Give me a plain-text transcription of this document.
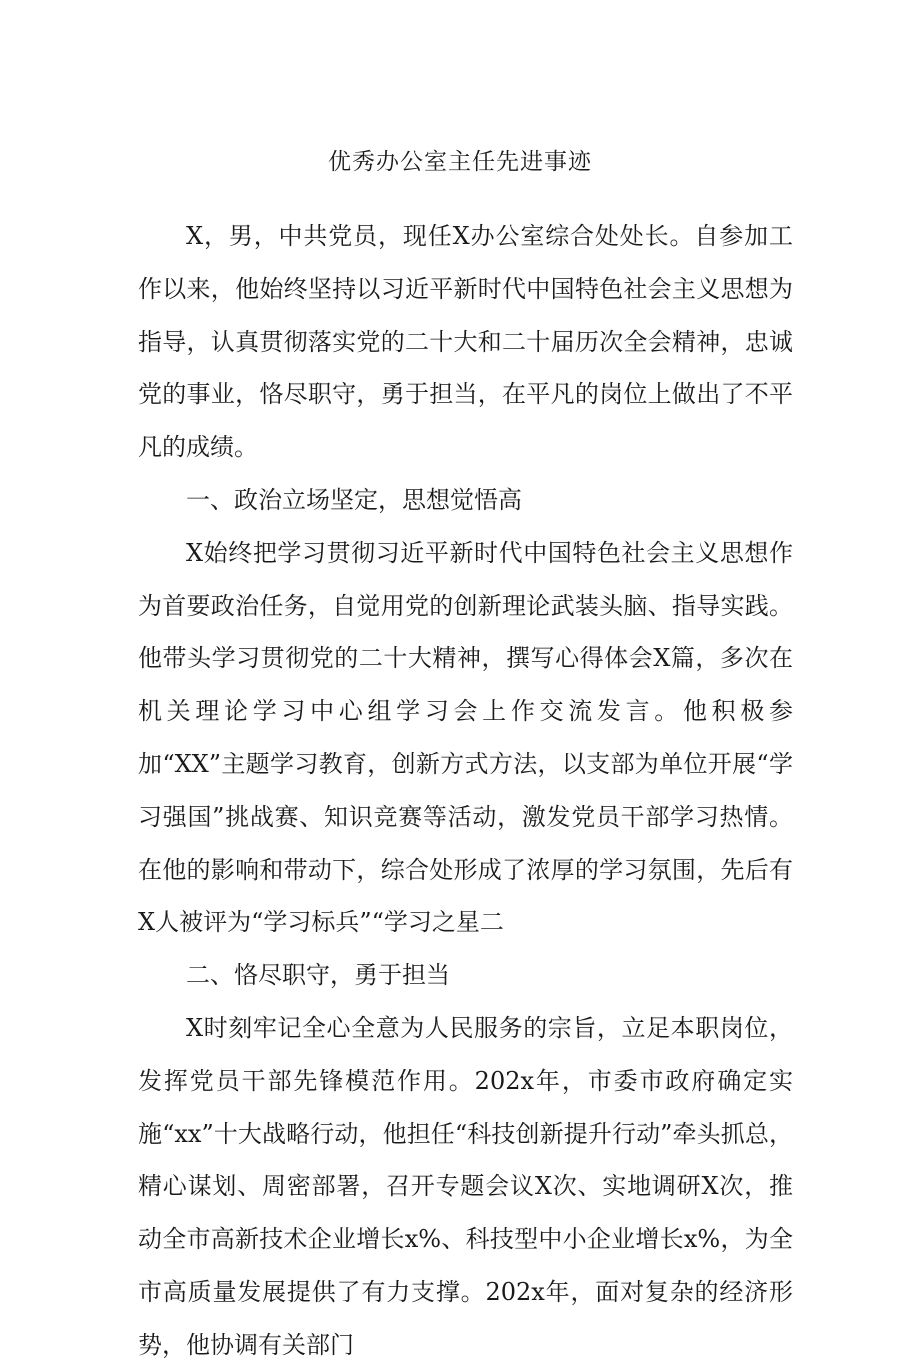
优秀办公室主任先进事迹

X，男，中共党员，现任X办公室综合处处长。自参加工作以来，他始终坚持以习近平新时代中国特色社会主义思想为指导，认真贯彻落实党的二十大和二十届历次全会精神，忠诚党的事业，恪尽职守，勇于担当，在平凡的岗位上做出了不平凡的成绩。

一、政治立场坚定，思想觉悟高

X始终把学习贯彻习近平新时代中国特色社会主义思想作为首要政治任务，自觉用党的创新理论武装头脑、指导实践。他带头学习贯彻党的二十大精神，撰写心得体会X篇，多次在机关理论学习中心组学习会上作交流发言。他积极参加“XX”主题学习教育，创新方式方法，以支部为单位开展“学习强国”挑战赛、知识竞赛等活动，激发党员干部学习热情。在他的影响和带动下，综合处形成了浓厚的学习氛围，先后有X人被评为“学习标兵”“学习之星二

二、恪尽职守，勇于担当

X时刻牢记全心全意为人民服务的宗旨，立足本职岗位，发挥党员干部先锋模范作用。202x年，市委市政府确定实施“xx”十大战略行动，他担任“科技创新提升行动”牵头抓总，精心谋划、周密部署，召开专题会议X次、实地调研X次，推动全市高新技术企业增长x%、科技型中小企业增长x%，为全市高质量发展提供了有力支撑。202x年，面对复杂的经济形势，他协调有关部门
